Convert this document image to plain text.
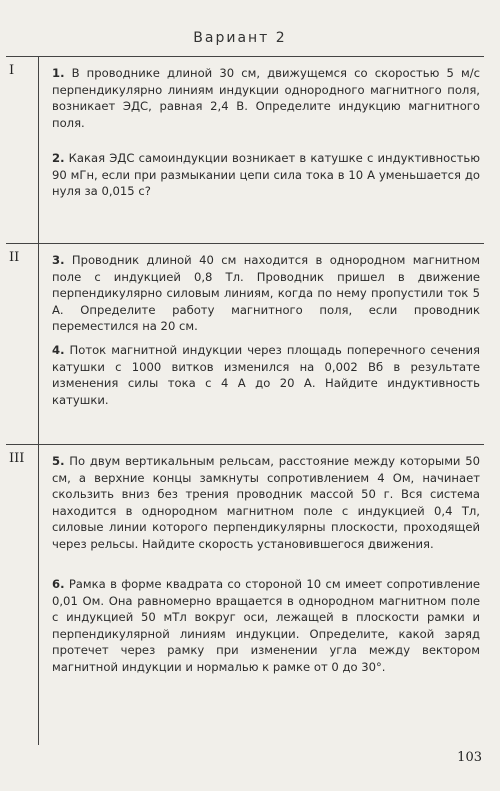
Вариант 2
I	1. В проводнике длиной 30 см, движущемся со скоростью 5 м/с перпендикулярно линиям индукции однородного магнитного поля, возникает ЭДС, равная 2,4 В. Определите индукцию магнитного поля.
2. Какая ЭДС самоиндукции возникает в катушке с индуктивностью 90 мГн, если при размыкании цепи сила тока в 10 А уменьшается до нуля за 0,015 с?
II	3. Проводник длиной 40 см находится в однородном магнитном поле с индукцией 0,8 Тл. Проводник пришел в движение перпендикулярно силовым линиям, когда по нему пропустили ток 5 А. Определите работу магнитного поля, если проводник переместился на 20 см.
4. Поток магнитной индукции через площадь поперечного сечения катушки с 1000 витков изменился на 0,002 Вб в результате изменения силы тока с 4 А до 20 А. Найдите индуктивность катушки.
III	5. По двум вертикальным рельсам, расстояние между которыми 50 см, а верхние концы замкнуты сопротивлением 4 Ом, начинает скользить вниз без трения проводник массой 50 г. Вся система находится в однородном магнитном поле с индукцией 0,4 Тл, силовые линии которого перпендикулярны плоскости, проходящей через рельсы. Найдите скорость установившегося движения.
6. Рамка в форме квадрата со стороной 10 см имеет сопротивление 0,01 Ом. Она равномерно вращается в однородном магнитном поле с индукцией 50 мТл вокруг оси, лежащей в плоскости рамки и перпендикулярной линиям индукции. Определите, какой заряд протечет через рамку при изменении угла между вектором магнитной индукции и нормалью к рамке от 0 до 30°.
103
